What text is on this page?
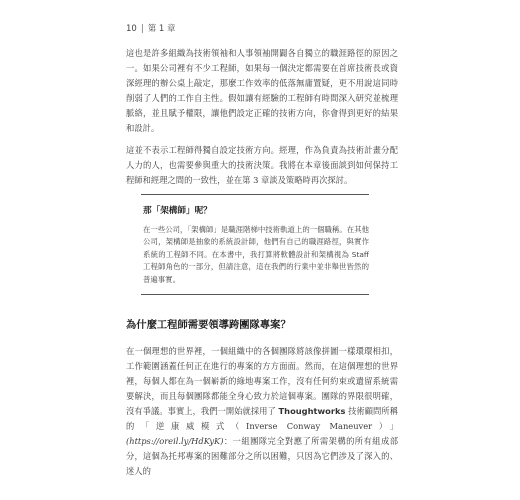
10 | 第 1 章

這也是許多組織為技術領袖和人事領袖開闢各自獨立的職涯路徑的原因之一。如果公司裡有不少工程師，如果每一個決定都需要在首席技術長或資深經理的辦公桌上敲定，那麼工作效率的低落無庸置疑，更不用說這同時削弱了人們的工作自主性。假如讓有經驗的工程師有時間深入研究並梳理脈絡，並且賦予權限，讓他們設定正確的技術方向，你會得到更好的結果和設計。

這並不表示工程師得獨自設定技術方向。經理，作為負責為技術計畫分配人力的人，也需要參與重大的技術決策。我將在本章後面談到如何保持工程師和經理之間的一致性，並在第 3 章談及策略時再次探討。

那「架構師」呢？

在一些公司，「架構師」是職涯階梯中技術軌道上的一個職稱。在其他公司，架構師是抽象的系統設計師，他們有自己的職涯路徑，與實作系統的工程師不同。在本書中，我打算將軟體設計和架構視為 Staff 工程師角色的一部分，但請注意，這在我們的行業中並非舉世皆然的普遍事實。

為什麼工程師需要領導跨團隊專案？

在一個理想的世界裡，一個組織中的各個團隊將該像拼圖一樣環環相扣，工作範圍涵蓋任何正在進行的專案的方方面面。然而，在這個理想的世界裡，每個人都在為一個嶄新的綠地專案工作，沒有任何約束或遺留系統需要解決，而且每個團隊都能全身心致力於這個專案。團隊的界限很明確，沒有爭議。事實上，我們一開始就採用了 Thoughtworks 技術顧問所稱的「逆康威模式（Inverse Conway Maneuver）」 (https://oreil.ly/HdKyK)：一組團隊完全對應了所需架構的所有組成部分，這個為托邦專案的困難部分之所以困難，只因為它們涉及了深入的、迷人的
